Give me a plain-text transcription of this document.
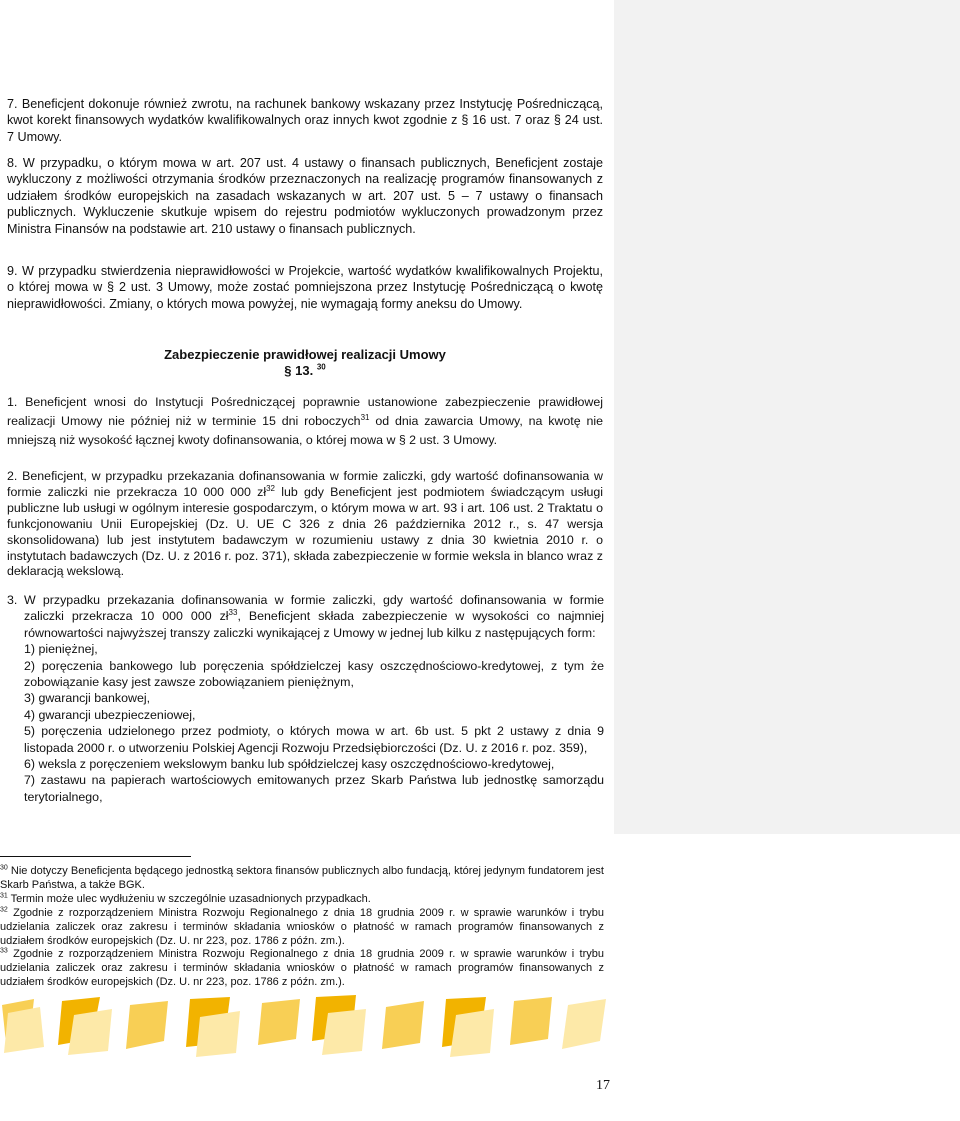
7. Beneficjent dokonuje również zwrotu, na rachunek bankowy wskazany przez Instytucję Pośredniczącą, kwot korekt finansowych wydatków kwalifikowalnych oraz innych kwot zgodnie z § 16 ust. 7 oraz § 24 ust. 7 Umowy.

8. W przypadku, o którym mowa w art. 207 ust. 4 ustawy o finansach publicznych, Beneficjent zostaje wykluczony z możliwości otrzymania środków przeznaczonych na realizację programów finansowanych z udziałem środków europejskich na zasadach wskazanych w art. 207 ust. 5 – 7 ustawy o finansach publicznych. Wykluczenie skutkuje wpisem do rejestru podmiotów wykluczonych prowadzonym przez Ministra Finansów na podstawie art. 210 ustawy o finansach publicznych.

9. W przypadku stwierdzenia nieprawidłowości w Projekcie, wartość wydatków kwalifikowalnych Projektu, o której mowa w § 2 ust. 3 Umowy, może zostać pomniejszona przez Instytucję Pośredniczącą o kwotę nieprawidłowości. Zmiany, o których mowa powyżej, nie wymagają formy aneksu do Umowy.

Zabezpieczenie prawidłowej realizacji Umowy

§ 13. $^{30}$

1. Beneficjent wnosi do Instytucji Pośredniczącej poprawnie ustanowione zabezpieczenie prawidłowej realizacji Umowy nie później niż w terminie 15 dni roboczych$^{31}$ od dnia zawarcia Umowy, na kwotę nie mniejszą niż wysokość łącznej kwoty dofinansowania, o której mowa w § 2 ust. 3 Umowy.

2. Beneficjent, w przypadku przekazania dofinansowania w formie zaliczki, gdy wartość dofinansowania w formie zaliczki nie przekracza 10 000 000 $zł^{32}$ lub gdy Beneficjent jest podmiotem świadczącym usługi publiczne lub usługi w ogólnym interesie gospodarczym, o którym mowa w art. 93 i art. 106 ust. 2 Traktatu o funkcjonowaniu Unii Europejskiej (Dz. U. UE C 326 z dnia 26 października 2012 r., s. 47 wersja skonsolidowana) lub jest instytutem badawczym w rozumieniu ustawy z dnia 30 kwietnia 2010 r. o instytutach badawczych (Dz. U. z 2016 r. poz. 371), składa zabezpieczenie w formie weksla in blanco wraz z deklaracją wekslową.

3. W przypadku przekazania dofinansowania w formie zaliczki, gdy wartość dofinansowania w formie zaliczki przekracza 10 000 000 $zł^{33}$, Beneficjent składa zabezpieczenie w wysokości co najmniej równowartości najwyższej transzy zaliczki wynikającej z Umowy w jednej lub kilku z następujących form:
1) pieniężnej,
2) poręczenia bankowego lub poręczenia spółdzielczej kasy oszczędnościowo-kredytowej, z tym że zobowiązanie kasy jest zawsze zobowiązaniem pieniężnym,
3) gwarancji bankowej,
4) gwarancji ubezpieczeniowej,
5) poręczenia udzielonego przez podmioty, o których mowa w art. 6b ust. 5 pkt 2 ustawy z dnia 9 listopada 2000 r. o utworzeniu Polskiej Agencji Rozwoju Przedsiębiorczości (Dz. U. z 2016 r. poz. 359),
6) weksla z poręczeniem wekslowym banku lub spółdzielczej kasy oszczędnościowo-kredytowej,
7) zastawu na papierach wartościowych emitowanych przez Skarb Państwa lub jednostkę samorządu terytorialnego,

$^{30}$ Nie dotyczy Beneficjenta będącego jednostką sektora finansów publicznych albo fundacją, której jedynym fundatorem jest Skarb Państwa, a także BGK.

$^{31}$ Termin może ulec wydłużeniu w szczególnie uzasadnionych przypadkach.

$^{32}$ Zgodnie z rozporządzeniem Ministra Rozwoju Regionalnego z dnia 18 grudnia 2009 r. w sprawie warunków i trybu udzielania zaliczek oraz zakresu i terminów składania wniosków o płatność w ramach programów finansowanych z udziałem środków europejskich (Dz. U. nr 223, poz. 1786 z późn. zm.).

$^{33}$ Zgodnie z rozporządzeniem Ministra Rozwoju Regionalnego z dnia 18 grudnia 2009 r. w sprawie warunków i trybu udzielania zaliczek oraz zakresu i terminów składania wniosków o płatność w ramach programów finansowanych z udziałem środków europejskich (Dz. U. nr 223, poz. 1786 z późn. zm.).

17
